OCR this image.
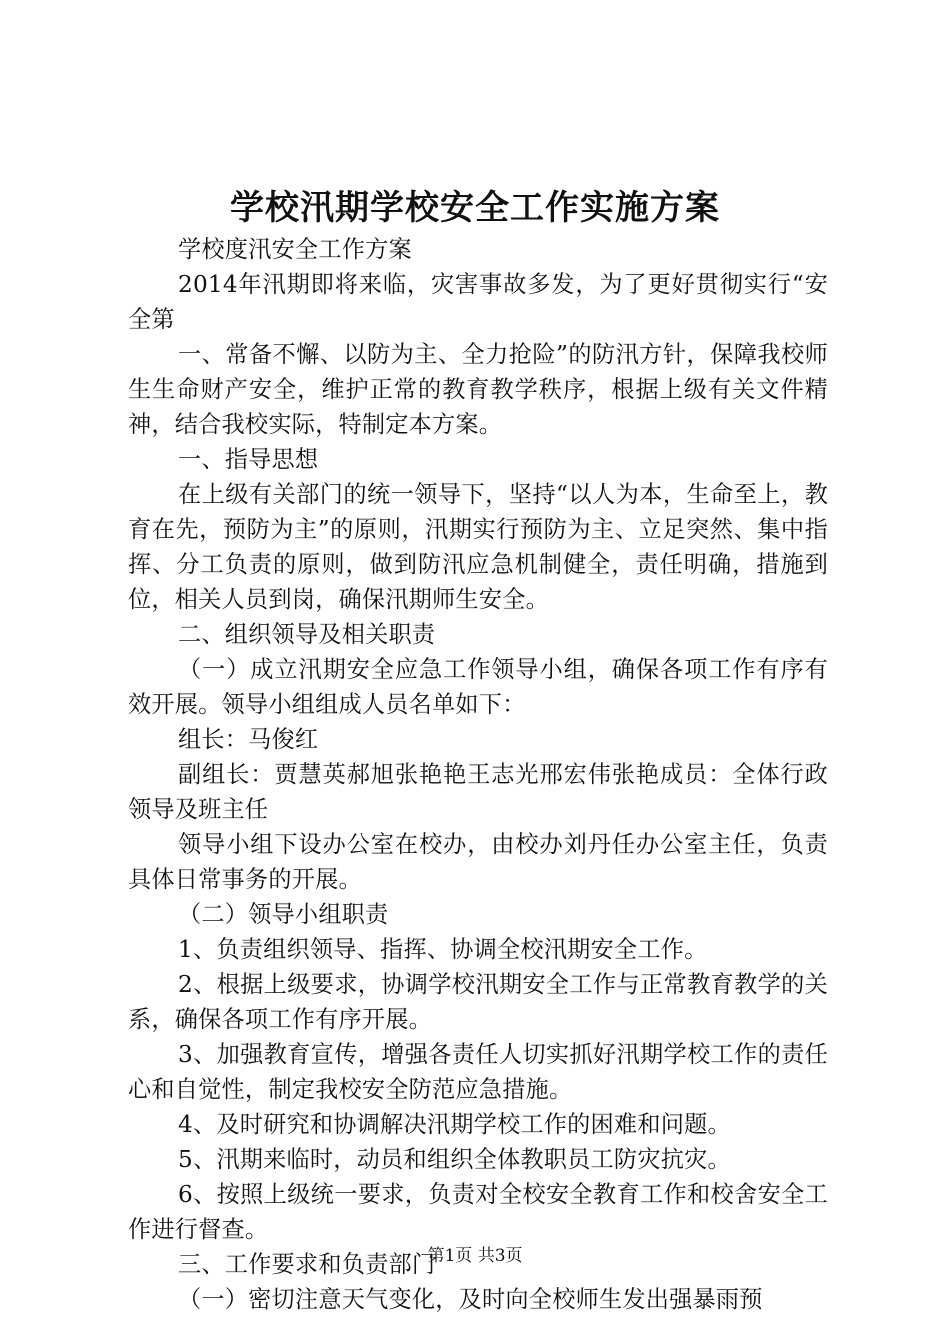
学校汛期学校安全工作实施方案

学校度汛安全工作方案

2014年汛期即将来临，灾害事故多发，为了更好贯彻实行“安全第

一、常备不懈、以防为主、全力抢险”的防汛方针，保障我校师生生命财产安全，维护正常的教育教学秩序，根据上级有关文件精神，结合我校实际，特制定本方案。

一、指导思想

在上级有关部门的统一领导下，坚持“以人为本，生命至上，教育在先，预防为主”的原则，汛期实行预防为主、立足突然、集中指挥、分工负责的原则，做到防汛应急机制健全，责任明确，措施到位，相关人员到岗，确保汛期师生安全。

二、组织领导及相关职责

（一）成立汛期安全应急工作领导小组，确保各项工作有序有效开展。领导小组组成人员名单如下：

组长：马俊红

副组长：贾慧英郝旭张艳艳王志光邢宏伟张艳成员：全体行政领导及班主任

领导小组下设办公室在校办，由校办刘丹任办公室主任，负责具体日常事务的开展。

（二）领导小组职责

1、负责组织领导、指挥、协调全校汛期安全工作。

2、根据上级要求，协调学校汛期安全工作与正常教育教学的关系，确保各项工作有序开展。

3、加强教育宣传，增强各责任人切实抓好汛期学校工作的责任心和自觉性，制定我校安全防范应急措施。

4、及时研究和协调解决汛期学校工作的困难和问题。

5、汛期来临时，动员和组织全体教职员工防灾抗灾。

6、按照上级统一要求，负责对全校安全教育工作和校舍安全工作进行督查。

三、工作要求和负责部门

（一）密切注意天气变化，及时向全校师生发出强暴雨预

第1页 共3页
